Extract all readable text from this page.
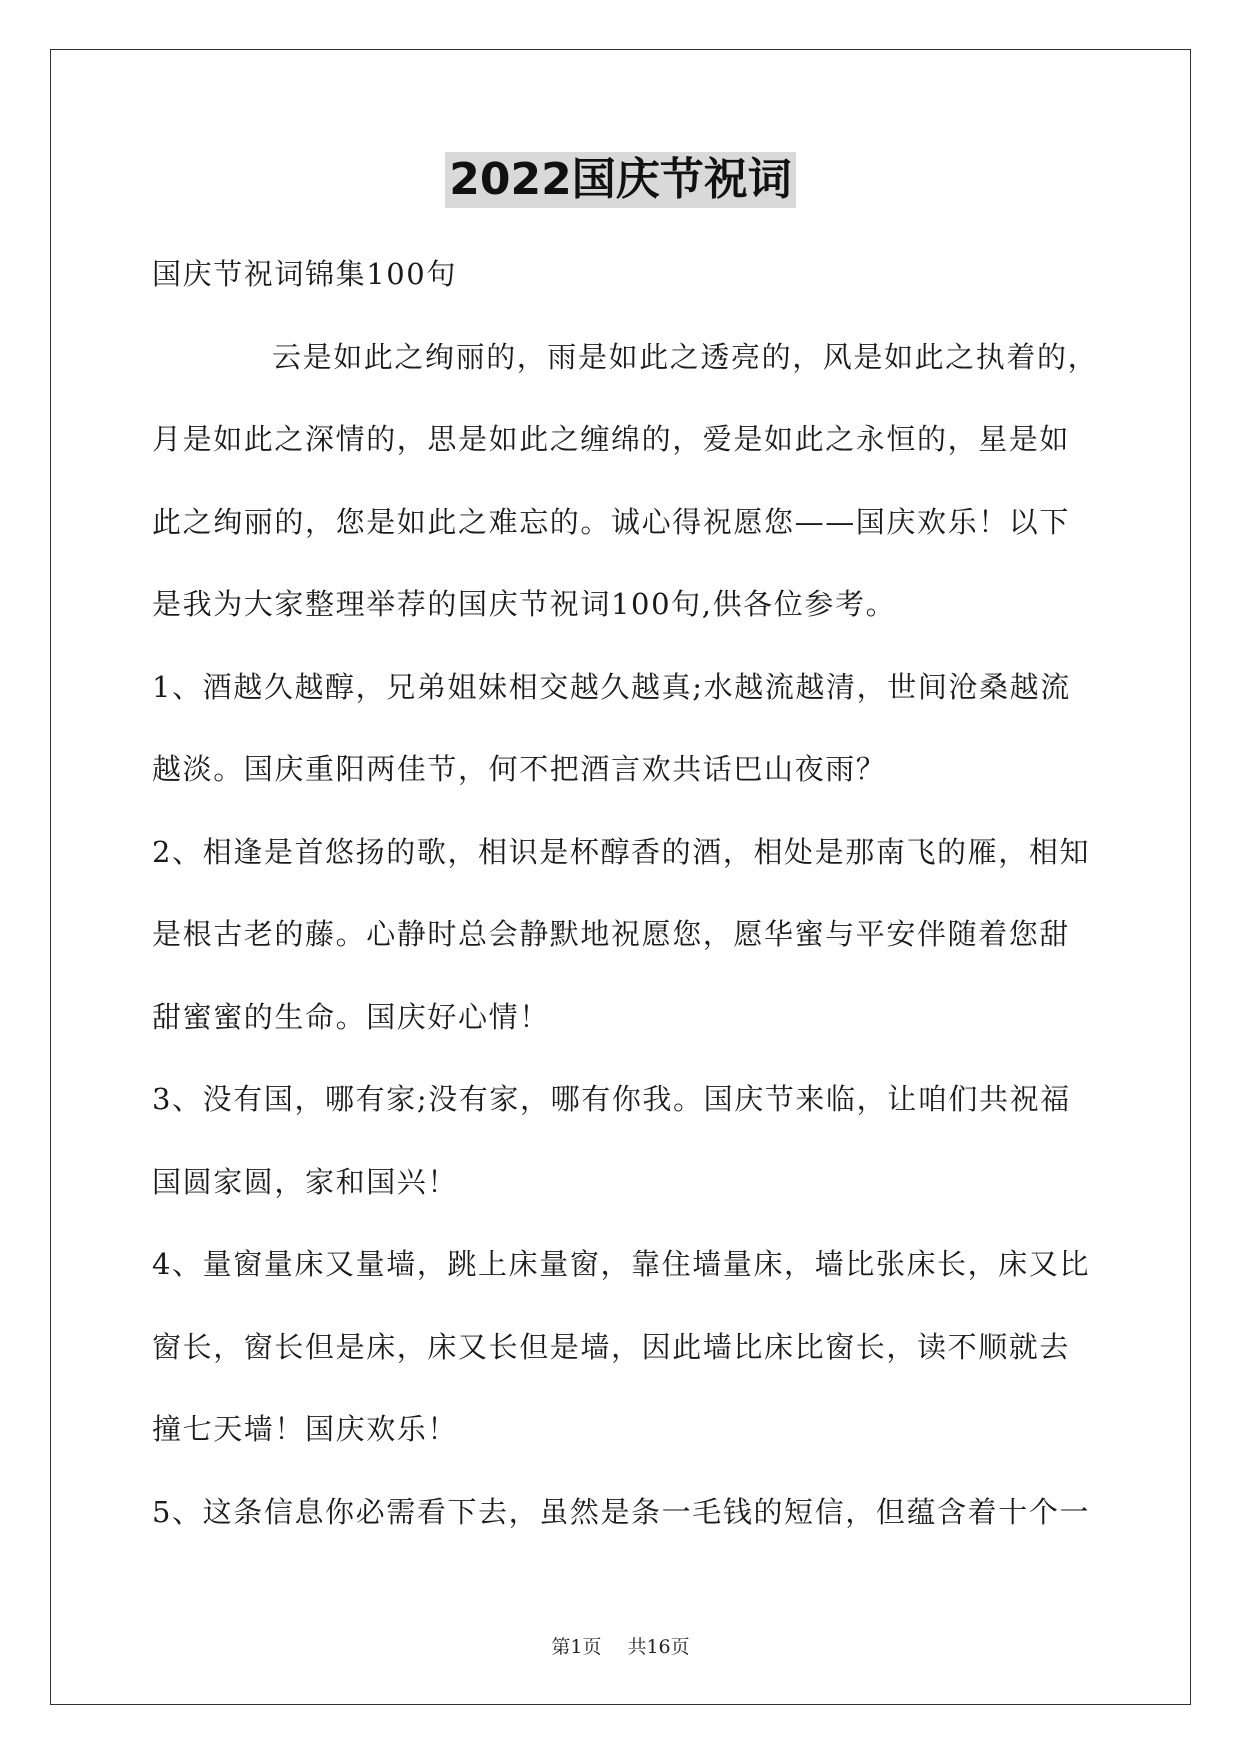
2022国庆节祝词
国庆节祝词锦集100句
云是如此之绚丽的，雨是如此之透亮的，风是如此之执着的，
月是如此之深情的，思是如此之缠绵的，爱是如此之永恒的，星是如
此之绚丽的，您是如此之难忘的。诚心得祝愿您——国庆欢乐！以下
是我为大家整理举荐的国庆节祝词100句,供各位参考。
1、酒越久越醇，兄弟姐妹相交越久越真;水越流越清，世间沧桑越流
越淡。国庆重阳两佳节，何不把酒言欢共话巴山夜雨？
2、相逢是首悠扬的歌，相识是杯醇香的酒，相处是那南飞的雁，相知
是根古老的藤。心静时总会静默地祝愿您，愿华蜜与平安伴随着您甜
甜蜜蜜的生命。国庆好心情！
3、没有国，哪有家;没有家，哪有你我。国庆节来临，让咱们共祝福
国圆家圆，家和国兴！
4、量窗量床又量墙，跳上床量窗，靠住墙量床，墙比张床长，床又比
窗长，窗长但是床，床又长但是墙，因此墙比床比窗长，读不顺就去
撞七天墙！国庆欢乐！
5、这条信息你必需看下去，虽然是条一毛钱的短信，但蕴含着十个一
第1页 共16页
